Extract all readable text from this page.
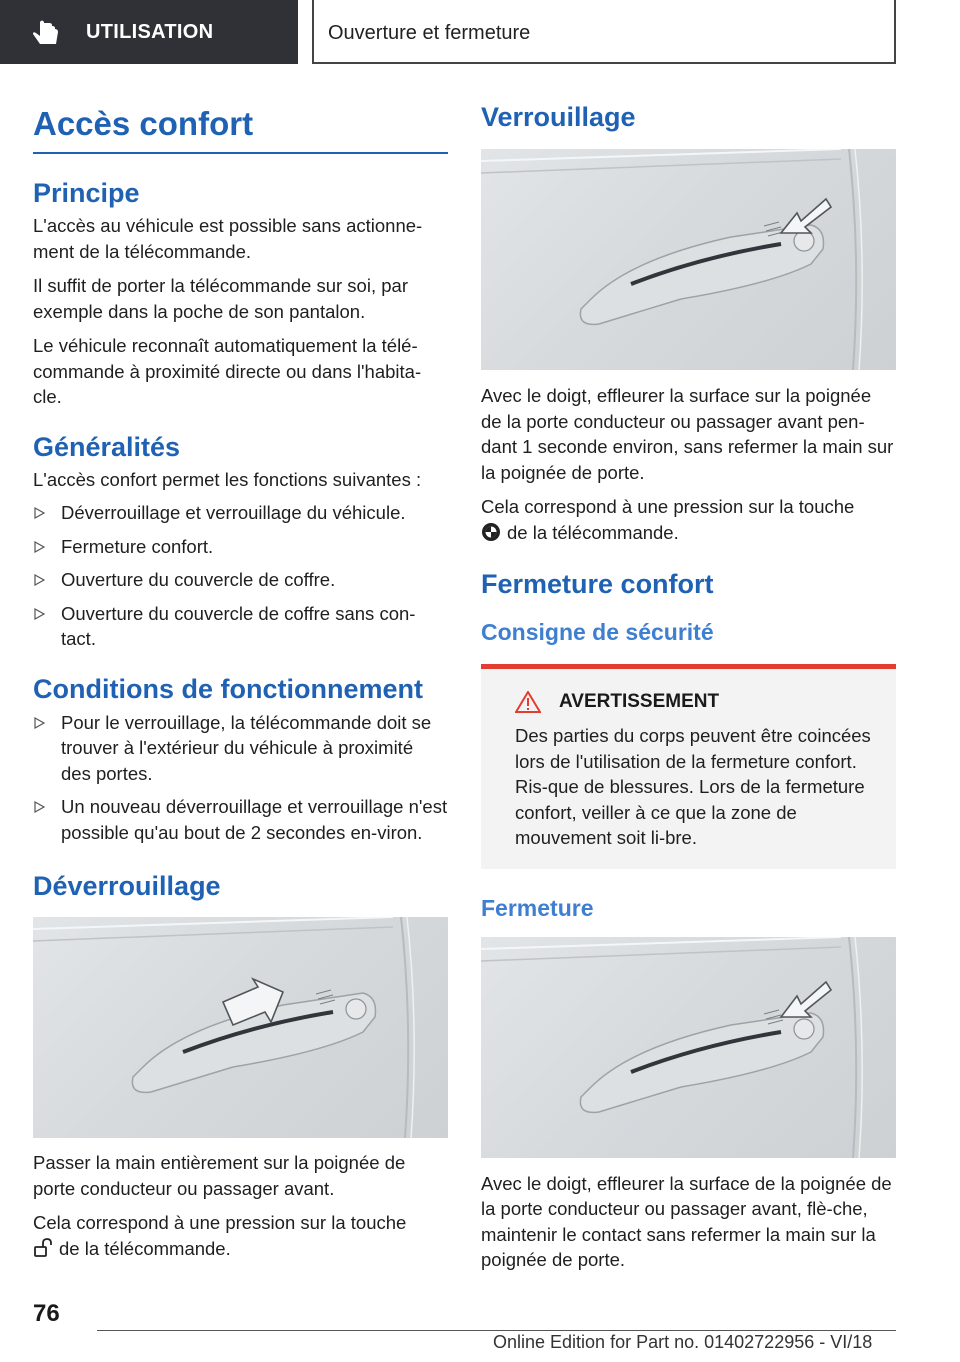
UTILISATION	Ouverture et fermeture
Accès confort
Principe

L'accès au véhicule est possible sans actionne-ment de la télécommande.

Il suffit de porter la télécommande sur soi, par exemple dans la poche de son pantalon.

Le véhicule reconnaît automatiquement la télé-commande à proximité directe ou dans l'habita-cle.

Généralités

L'accès confort permet les fonctions suivantes :

Déverrouillage et verrouillage du véhicule.
Fermeture confort.
Ouverture du couvercle de coffre.
Ouverture du couvercle de coffre sans con-tact.
Conditions de fonctionnement
Pour le verrouillage, la télécommande doit se trouver à l'extérieur du véhicule à proximité des portes.
Un nouveau déverrouillage et verrouillage n'est possible qu'au bout de 2 secondes en-viron.
Déverrouillage

Passer la main entièrement sur la poignée de porte conducteur ou passager avant.

Cela correspond à une pression sur la touche
de la télécommande.

Verrouillage

Avec le doigt, effleurer la surface sur la poignée de la porte conducteur ou passager avant pen-dant 1 seconde environ, sans refermer la main sur la poignée de porte.

Cela correspond à une pression sur la touche
de la télécommande.

Fermeture confort
Consigne de sécurité
AVERTISSEMENT

Des parties du corps peuvent être coincées lors de l'utilisation de la fermeture confort. Ris-que de blessures. Lors de la fermeture confort, veiller à ce que la zone de mouvement soit li-bre.

Fermeture

Avec le doigt, effleurer la surface de la poignée de la porte conducteur ou passager avant, flè-che, maintenir le contact sans refermer la main sur la poignée de porte.

76
Online Edition for Part no. 01402722956 - VI/18
